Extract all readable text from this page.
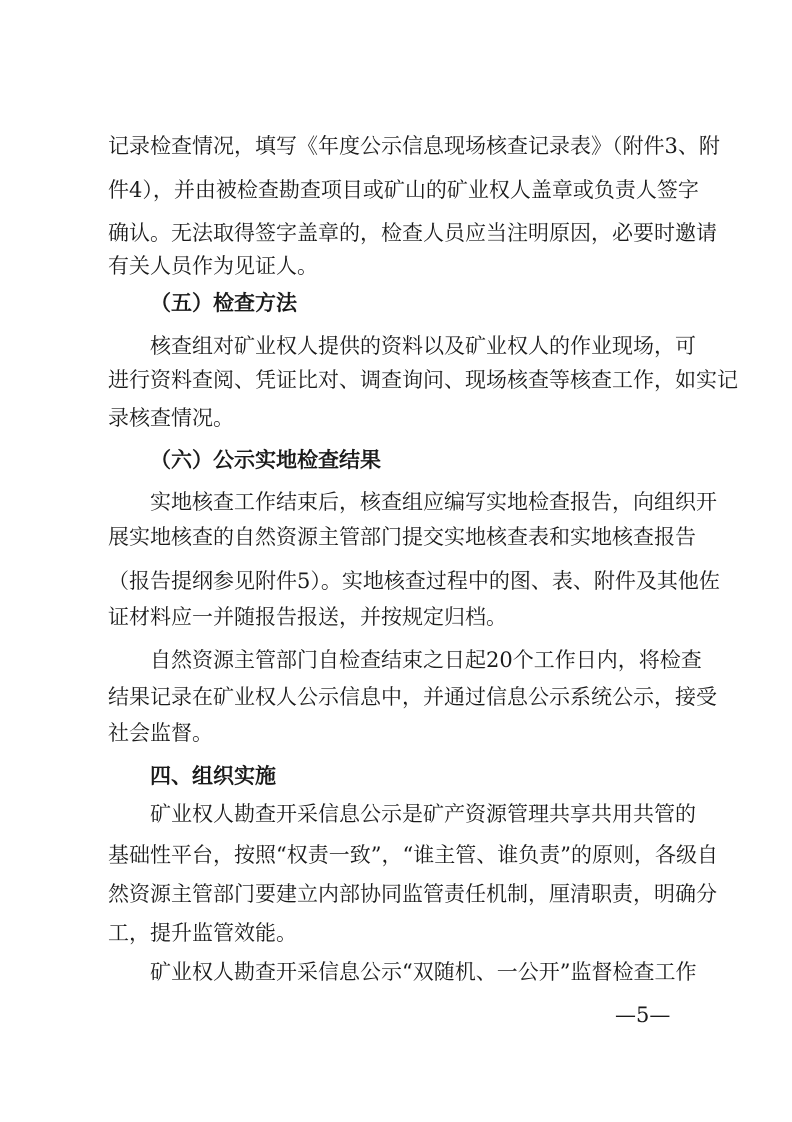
记录检查情况，填写《年度公示信息现场核查记录表》（附件3、附
件4），并由被检查勘查项目或矿山的矿业权人盖章或负责人签字
确认。无法取得签字盖章的，检查人员应当注明原因，必要时邀请
有关人员作为见证人。
（五）检查方法
核查组对矿业权人提供的资料以及矿业权人的作业现场，可
进行资料查阅、凭证比对、调查询问、现场核查等核查工作，如实记
录核查情况。
（六）公示实地检查结果
实地核查工作结束后，核查组应编写实地检查报告，向组织开
展实地核查的自然资源主管部门提交实地核查表和实地核查报告
（报告提纲参见附件5）。实地核查过程中的图、表、附件及其他佐
证材料应一并随报告报送，并按规定归档。
自然资源主管部门自检查结束之日起20个工作日内，将检查
结果记录在矿业权人公示信息中，并通过信息公示系统公示，接受
社会监督。
四、组织实施
矿业权人勘查开采信息公示是矿产资源管理共享共用共管的
基础性平台，按照“权责一致”，“谁主管、谁负责”的原则，各级自
然资源主管部门要建立内部协同监管责任机制，厘清职责，明确分
工，提升监管效能。
矿业权人勘查开采信息公示“双随机、一公开”监督检查工作
—5—
